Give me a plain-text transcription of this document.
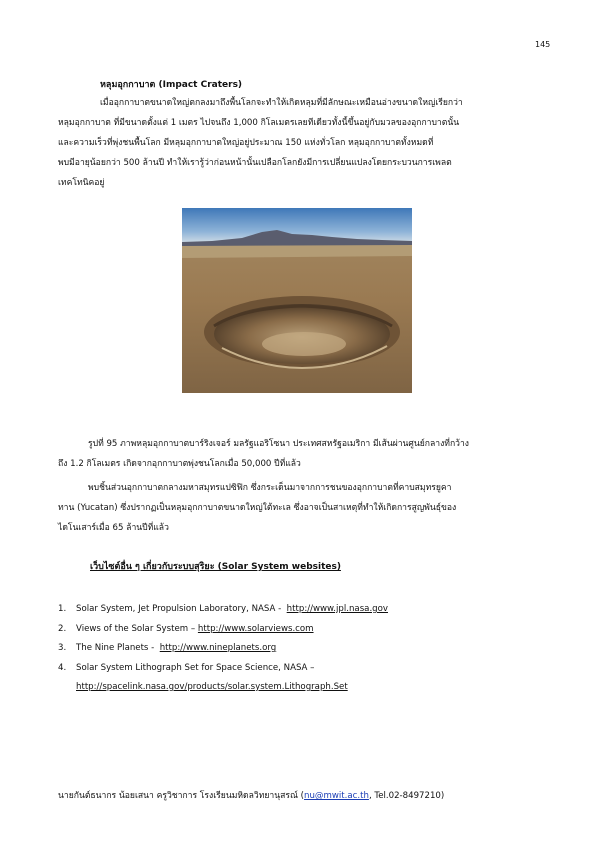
145
หลุมอุกกาบาต (Impact Craters)
เมื่ออุกกาบาตขนาดใหญ่ตกลงมาถึงพื้นโลกจะทำให้เกิดหลุมที่มีลักษณะเหมือนอ่างขนาดใหญ่เรียกว่า
หลุมอุกกาบาต ที่มีขนาดตั้งแต่ 1 เมตร ไปจนถึง 1,000 กิโลเมตรเลยทีเดียวทั้งนี้ขึ้นอยู่กับมวลของอุกกาบาตนั้น
และความเร็วที่พุ่งชนพื้นโลก มีหลุมอุกกาบาตใหญ่อยู่ประมาณ 150 แห่งทั่วโลก หลุมอุกกาบาตทั้งหมดที่
พบมีอายุน้อยกว่า 500 ล้านปี ทำให้เรารู้ว่าก่อนหน้านั้นเปลือกโลกยังมีการเปลี่ยนแปลงโดยกระบวนการเพลต
เทคโทนิคอยู่
รูปที่ 95 ภาพหลุมอุกกาบาตบาร์ริงเจอร์ มลรัฐแอริโซนา ประเทศสหรัฐอเมริกา มีเส้นผ่านศูนย์กลางที่กว้าง
ถึง 1.2 กิโลเมตร เกิดจากอุกกาบาตพุ่งชนโลกเมื่อ 50,000 ปีที่แล้ว
พบชิ้นส่วนอุกกาบาตกลางมหาสมุทรแปซิฟิก ซึ่งกระเด็นมาจากการชนของอุกกาบาตที่คาบสมุทรยูคา
ทาน (Yucatan) ซึ่งปรากฏเป็นหลุมอุกกาบาตขนาดใหญ่ใต้ทะเล ซึ่งอาจเป็นสาเหตุที่ทำให้เกิดการสูญพันธุ์ของ
ไดโนเสาร์เมื่อ 65 ล้านปีที่แล้ว
เว็บไซต์อื่น ๆ เกี่ยวกับระบบสุริยะ (Solar System websites)
1. Solar System, Jet Propulsion Laboratory, NASA - http://www.jpl.nasa.gov
2. Views of the Solar System – http://www.solarviews.com
3. The Nine Planets - http://www.nineplanets.org
4. Solar System Lithograph Set for Space Science, NASA –
http://spacelink.nasa.gov/products/solar.system.Lithograph.Set
นายกันต์ธนากร น้อยเสนา ครูวิชาการ โรงเรียนมหิดลวิทยานุสรณ์ (nu@mwit.ac.th, Tel.02-8497210)
